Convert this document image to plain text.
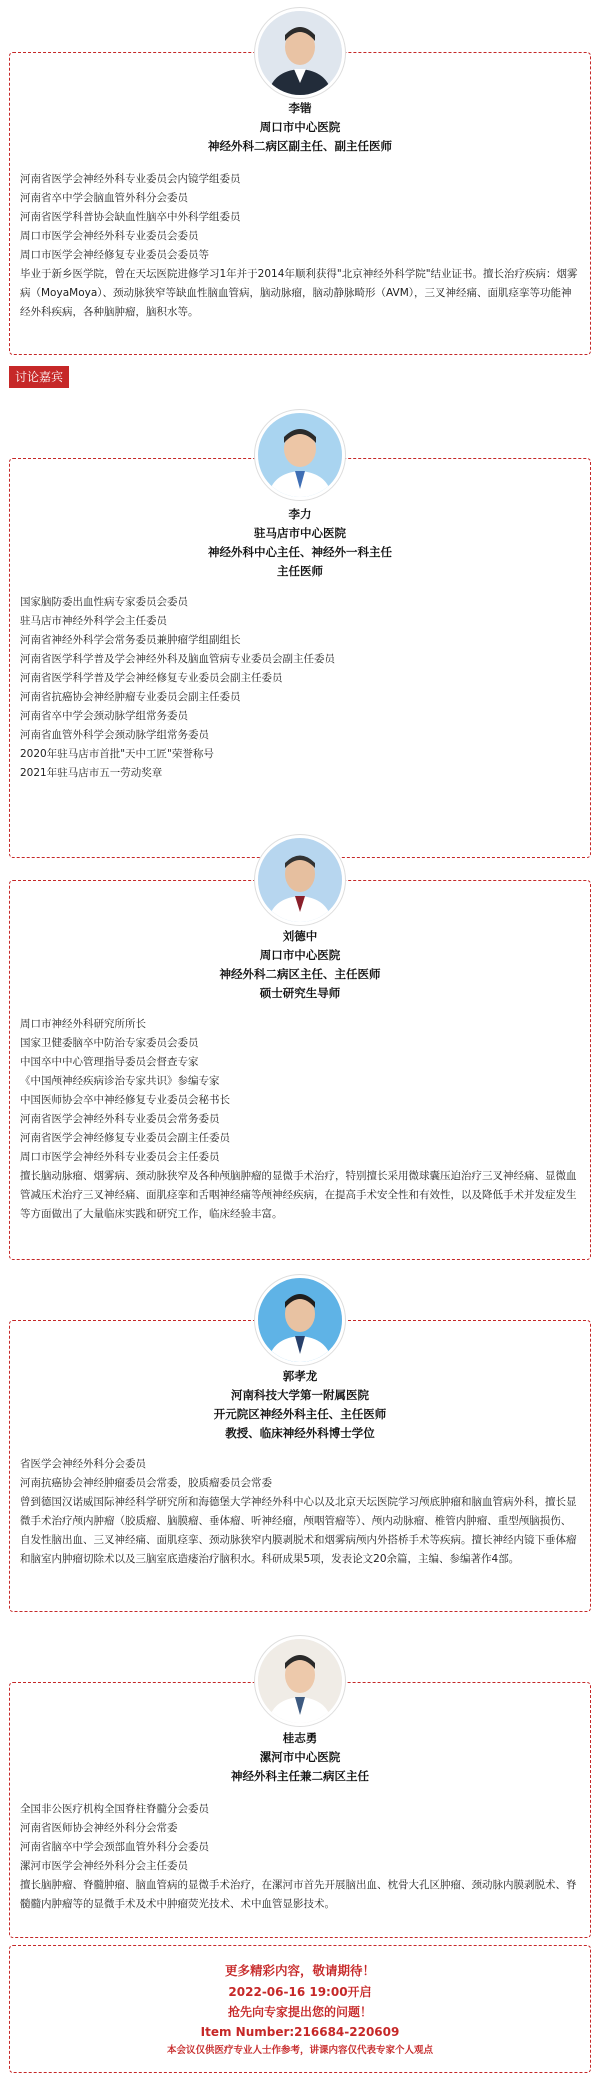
李锴
周口市中心医院
神经外科二病区副主任、副主任医师
河南省医学会神经外科专业委员会内镜学组委员
河南省卒中学会脑血管外科分会委员
河南省医学科普协会缺血性脑卒中外科学组委员
周口市医学会神经外科专业委员会委员
周口市医学会神经修复专业委员会委员等
毕业于新乡医学院，曾在天坛医院进修学习1年并于2014年顺利获得"北京神经外科学院"结业证书。擅长治疗疾病：烟雾病（MoyaMoya）、颈动脉狭窄等缺血性脑血管病，脑动脉瘤，脑动静脉畸形（AVM），三叉神经痛、面肌痉挛等功能神经外科疾病，各种脑肿瘤，脑积水等。
讨论嘉宾
李力
驻马店市中心医院
神经外科中心主任、神经外一科主任
主任医师
国家脑防委出血性病专家委员会委员
驻马店市神经外科学会主任委员
河南省神经外科学会常务委员兼肿瘤学组副组长
河南省医学科学普及学会神经外科及脑血管病专业委员会副主任委员
河南省医学科学普及学会神经修复专业委员会副主任委员
河南省抗癌协会神经肿瘤专业委员会副主任委员
河南省卒中学会颈动脉学组常务委员
河南省血管外科学会颈动脉学组常务委员
2020年驻马店市首批"天中工匠"荣誉称号
2021年驻马店市五一劳动奖章
刘德中
周口市中心医院
神经外科二病区主任、主任医师
硕士研究生导师
周口市神经外科研究所所长
国家卫健委脑卒中防治专家委员会委员
中国卒中中心管理指导委员会督查专家
《中国颅神经疾病诊治专家共识》参编专家
中国医师协会卒中神经修复专业委员会秘书长
河南省医学会神经外科专业委员会常务委员
河南省医学会神经修复专业委员会副主任委员
周口市医学会神经外科专业委员会主任委员
擅长脑动脉瘤、烟雾病、颈动脉狭窄及各种颅脑肿瘤的显微手术治疗，特别擅长采用微球囊压迫治疗三叉神经痛、显微血管减压术治疗三叉神经痛、面肌痉挛和舌咽神经痛等颅神经疾病，在提高手术安全性和有效性，以及降低手术并发症发生等方面做出了大量临床实践和研究工作，临床经验丰富。
郭孝龙
河南科技大学第一附属医院
开元院区神经外科主任、主任医师
教授、临床神经外科博士学位
省医学会神经外科分会委员
河南抗癌协会神经肿瘤委员会常委，胶质瘤委员会常委
曾到德国汉诺威国际神经科学研究所和海德堡大学神经外科中心以及北京天坛医院学习颅底肿瘤和脑血管病外科，擅长显微手术治疗颅内肿瘤（胶质瘤、脑膜瘤、垂体瘤、听神经瘤，颅咽管瘤等）、颅内动脉瘤、椎管内肿瘤、重型颅脑损伤、自发性脑出血、三叉神经痛、面肌痉挛、颈动脉狭窄内膜剥脱术和烟雾病颅内外搭桥手术等疾病。擅长神经内镜下垂体瘤和脑室内肿瘤切除术以及三脑室底造瘘治疗脑积水。科研成果5项，发表论文20余篇，主编、参编著作4部。
桂志勇
漯河市中心医院
神经外科主任兼二病区主任
全国非公医疗机构全国脊柱脊髓分会委员
河南省医师协会神经外科分会常委
河南省脑卒中学会颈部血管外科分会委员
漯河市医学会神经外科分会主任委员
擅长脑肿瘤、脊髓肿瘤、脑血管病的显微手术治疗，在漯河市首先开展脑出血、枕骨大孔区肿瘤、颈动脉内膜剥脱术、脊髓髓内肿瘤等的显微手术及术中肿瘤荧光技术、术中血管显影技术。
更多精彩内容，敬请期待！
2022-06-16 19:00开启
抢先向专家提出您的问题！
Item Number:216684-220609
本会议仅供医疗专业人士作参考，讲课内容仅代表专家个人观点
